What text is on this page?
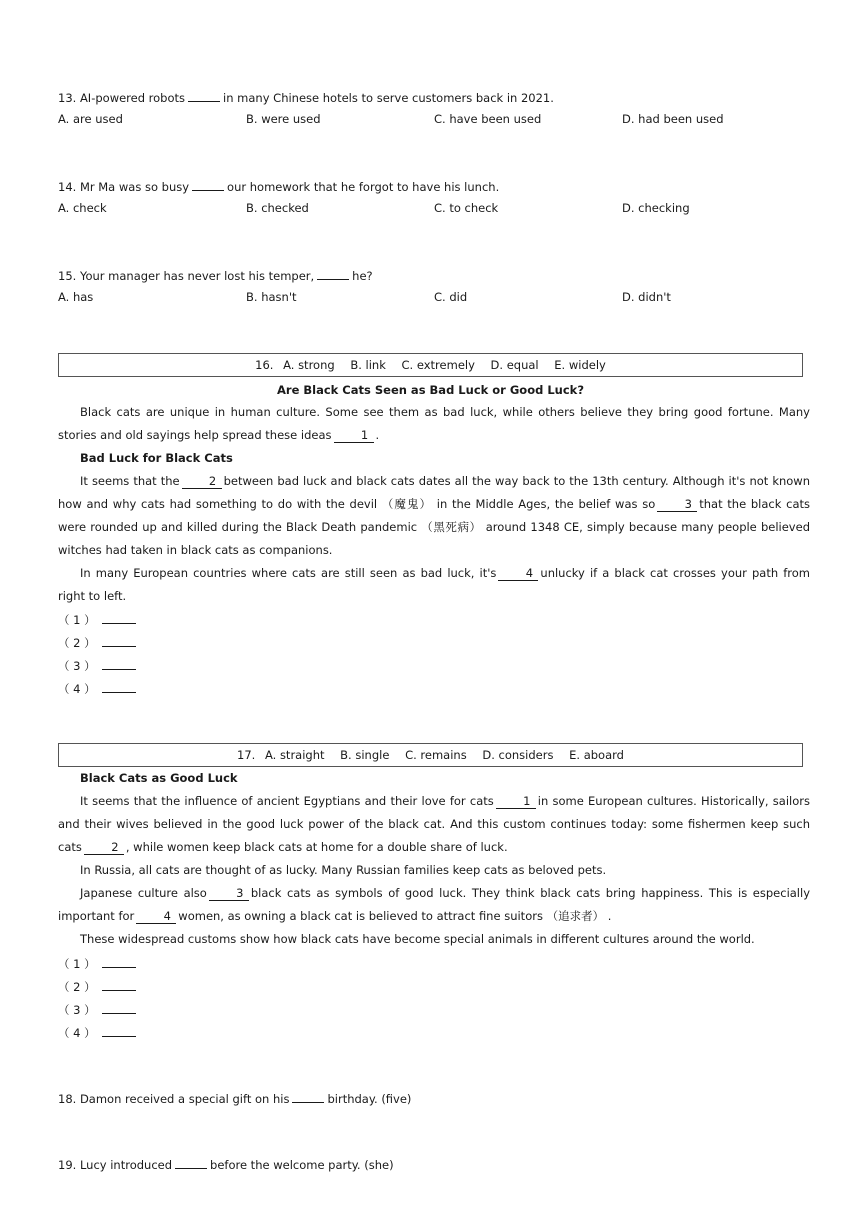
13. AI-powered robots	in many Chinese hotels to serve customers back in 2021.
A. are used	B. were used	C. have been used	D. had been used
14. Mr Ma was so busy	our homework that he forgot to have his lunch.
A. check	B. checked	C. to check	D. checking
15. Your manager has never lost his temper,	he?
A. has	B. hasn't	C. did	D. didn't
16. A. strong B. link C. extremely D. equal E. widely
Are Black Cats Seen as Bad Luck or Good Luck?
Black cats are unique in human culture. Some see them as bad luck, while others believe they bring good fortune. Many stories and old sayings help spread these ideas	1 .
Bad Luck for Black Cats
It seems that the	2 between bad luck and black cats dates all the way back to the 13th century. Although it's not known how and why cats had something to do with the devil （魔鬼） in the Middle Ages, the belief was so	3 that the black cats were rounded up and killed during the Black Death pandemic （黑死病） around 1348 CE, simply because many people believed witches had taken in black cats as companions.
In many European countries where cats are still seen as bad luck, it's	4 unlucky if a black cat crosses your path from right to left.
（ 1 ）
（ 2 ）
（ 3 ）
（ 4 ）
17. A. straight B. single C. remains D. considers E. aboard
Black Cats as Good Luck
It seems that the influence of ancient Egyptians and their love for cats	1 in some European cultures. Historically, sailors and their wives believed in the good luck power of the black cat. And this custom continues today: some fishermen keep such cats	2 , while women keep black cats at home for a double share of luck.
In Russia, all cats are thought of as lucky. Many Russian families keep cats as beloved pets.
Japanese culture also	3 black cats as symbols of good luck. They think black cats bring happiness. This is especially important for	4 women, as owning a black cat is believed to attract fine suitors （追求者） .
These widespread customs show how black cats have become special animals in different cultures around the world.
（ 1 ）
（ 2 ）
（ 3 ）
（ 4 ）
18. Damon received a special gift on his	birthday. (five)
19. Lucy introduced	before the welcome party. (she)
